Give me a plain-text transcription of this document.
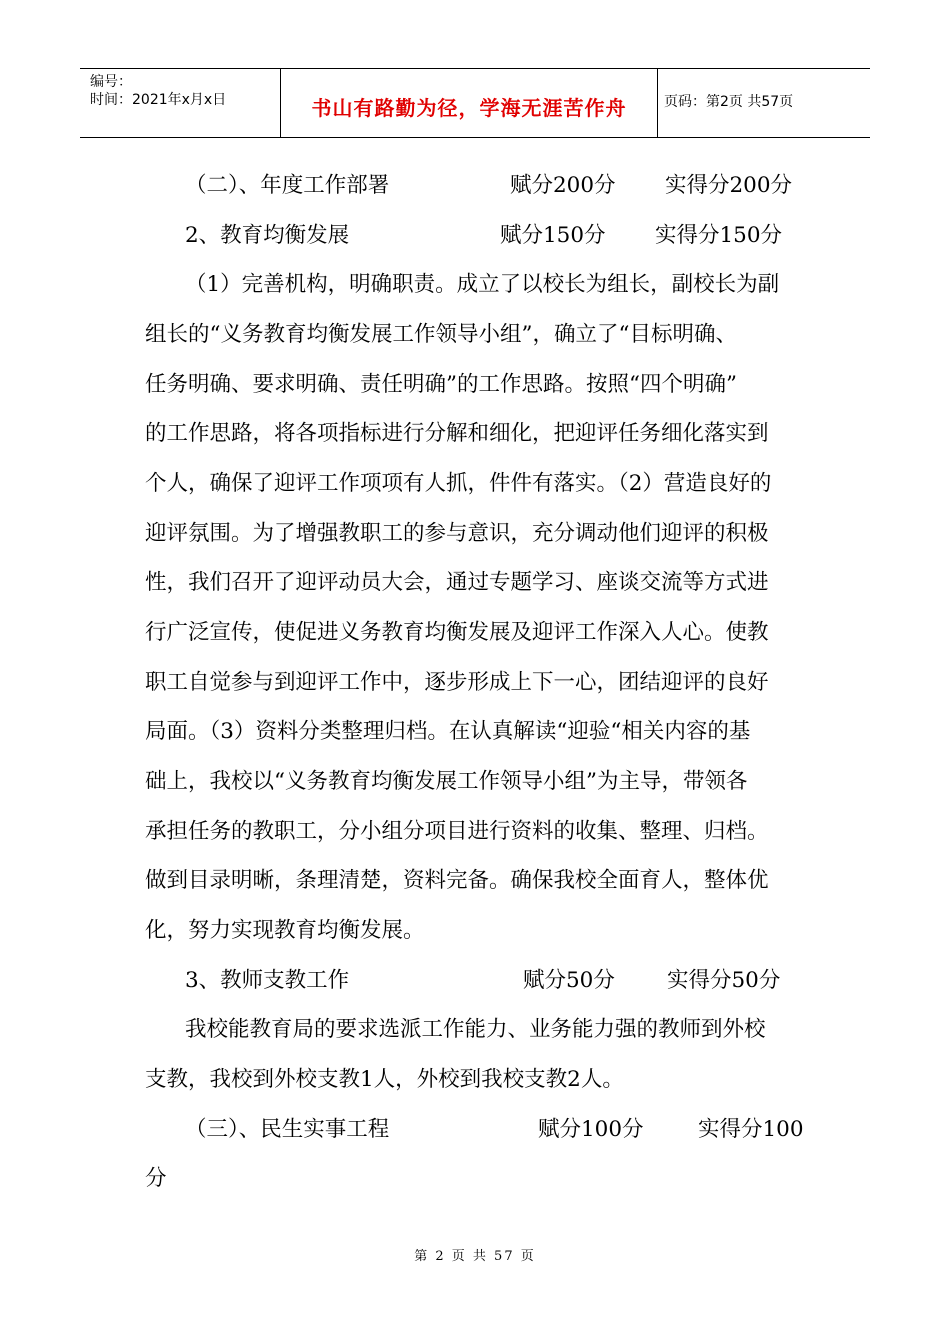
编号：
时间：2021年x月x日	书山有路勤为径，学海无涯苦作舟	页码：第2页 共57页
（二）、年度工作部署	赋分200分 实得分200分
2、教育均衡发展	赋分150分 实得分150分
（1）完善机构，明确职责。成立了以校长为组长，副校长为副
组长的“义务教育均衡发展工作领导小组”，确立了“目标明确、
任务明确、要求明确、责任明确”的工作思路。按照“四个明确”
的工作思路，将各项指标进行分解和细化，把迎评任务细化落实到
个人，确保了迎评工作项项有人抓，件件有落实。（2）营造良好的
迎评氛围。为了增强教职工的参与意识，充分调动他们迎评的积极
性，我们召开了迎评动员大会，通过专题学习、座谈交流等方式进
行广泛宣传，使促进义务教育均衡发展及迎评工作深入人心。使教
职工自觉参与到迎评工作中，逐步形成上下一心，团结迎评的良好
局面。（3）资料分类整理归档。在认真解读“迎验“相关内容的基
础上，我校以“义务教育均衡发展工作领导小组”为主导，带领各
承担任务的教职工，分小组分项目进行资料的收集、整理、归档。
做到目录明晰，条理清楚，资料完备。确保我校全面育人，整体优
化，努力实现教育均衡发展。
3、教师支教工作	赋分50分 实得分50分
我校能教育局的要求选派工作能力、业务能力强的教师到外校
支教，我校到外校支教1人，外校到我校支教2人。
（三）、民生实事工程	赋分100分	实得分100
分
第 2 页 共 57 页
